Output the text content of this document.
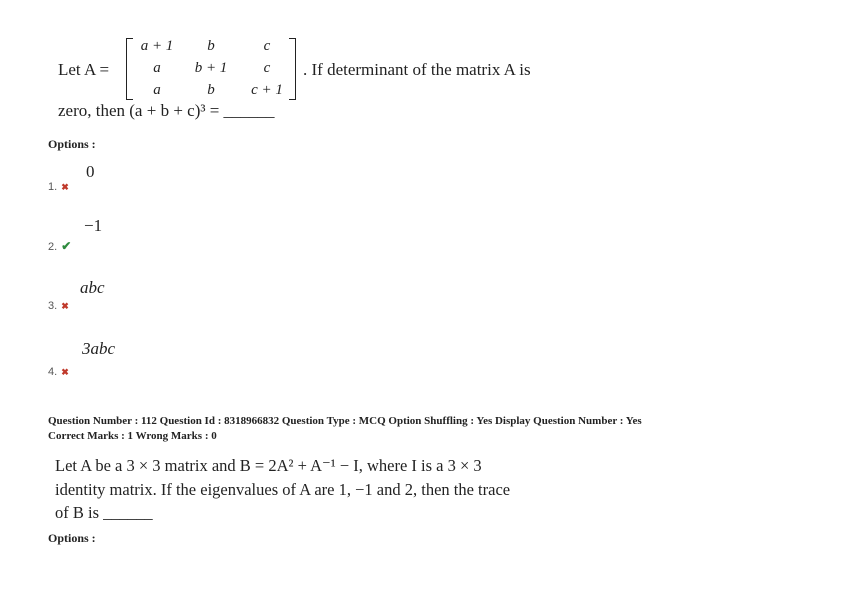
Let A =
a + 1	b	c
a	b + 1	c
a	b	c + 1
. If determinant of the matrix A is
zero, then (a + b + c)³ = ______
Options :
0
1. ✖
−1
2. ✔
abc
3. ✖
3abc
4. ✖
Question Number : 112 Question Id : 8318966832 Question Type : MCQ Option Shuffling : Yes Display Question Number : Yes
Correct Marks : 1 Wrong Marks : 0
Let A be a 3 × 3 matrix and B = 2A² + A⁻¹ − I, where I is a 3 × 3
identity matrix. If the eigenvalues of A are 1, −1 and 2, then the trace
of B is ______
Options :
